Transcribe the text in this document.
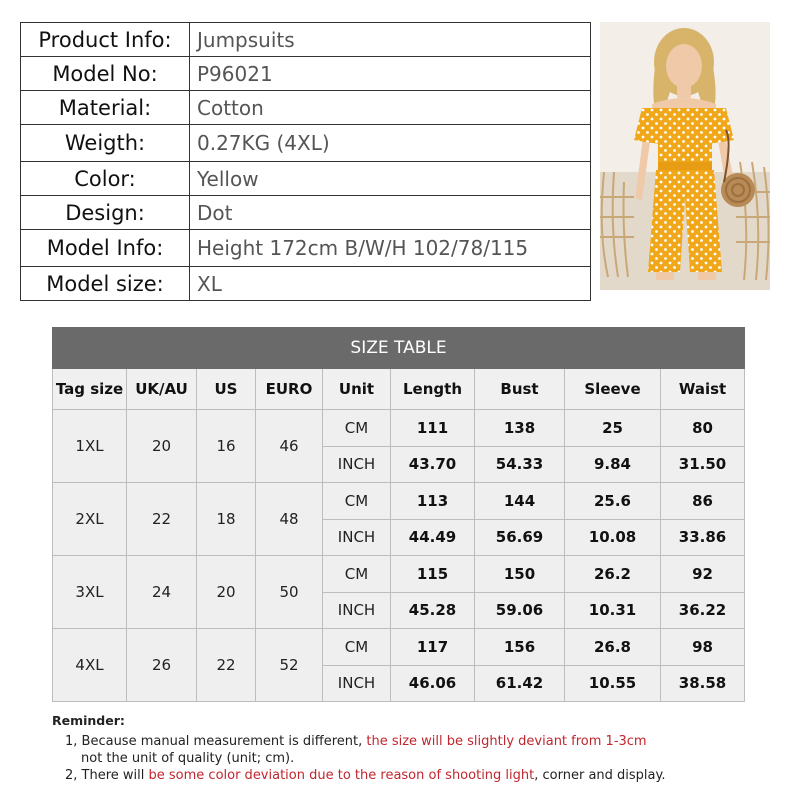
Product Info:	Jumpsuits
Model No:	P96021
Material:	Cotton
Weigth:	0.27KG (4XL)
Color:	Yellow
Design:	Dot
Model Info:	Height 172cm B/W/H 102/78/115
Model size:	XL
SIZE TABLE								
Tag size	UK/AU	US	EURO	Unit	Length	Bust	Sleeve	Waist
1XL	20	16	46	CM	111	138	25	80
				INCH	43.70	54.33	9.84	31.50
2XL	22	18	48	CM	113	144	25.6	86
				INCH	44.49	56.69	10.08	33.86
3XL	24	20	50	CM	115	150	26.2	92
				INCH	45.28	59.06	10.31	36.22
4XL	26	22	52	CM	117	156	26.8	98
				INCH	46.06	61.42	10.55	38.58
Reminder:
1, Because manual measurement is different, the size will be slightly deviant from 1-3cm
not the unit of quality (unit; cm).
2, There will be some color deviation due to the reason of shooting light, corner and display.
